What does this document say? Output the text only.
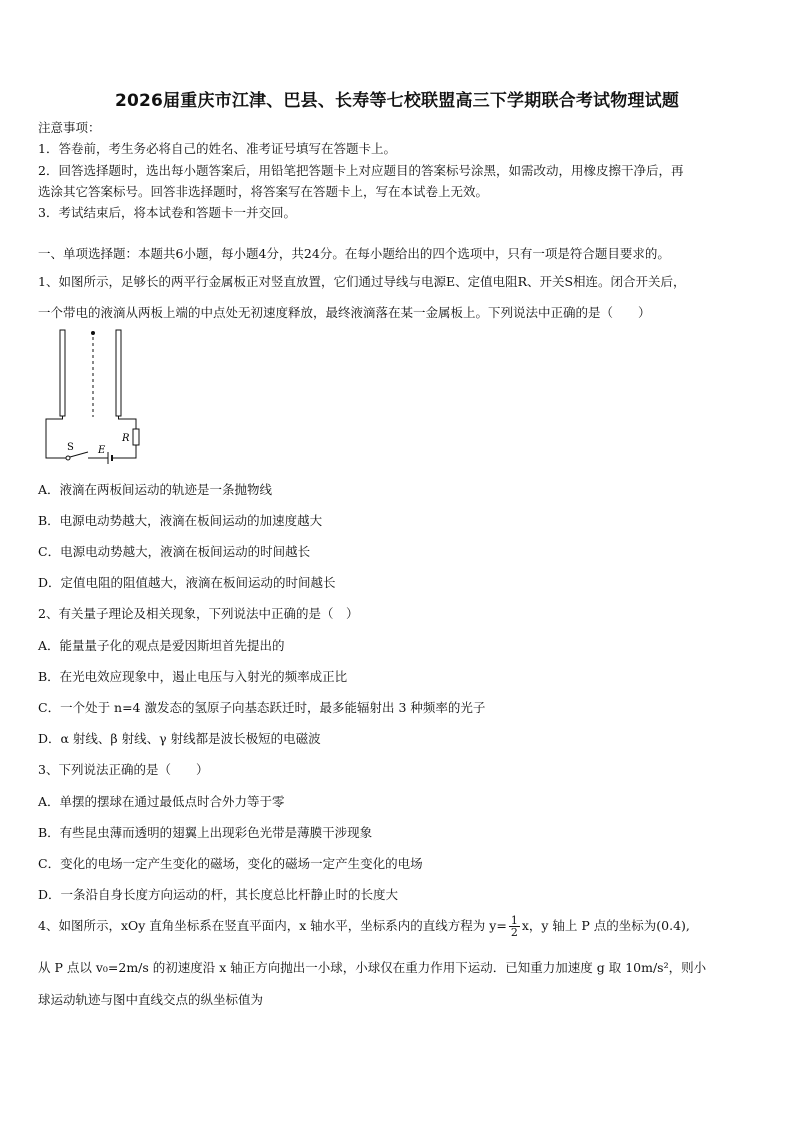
2026届重庆市江津、巴县、长寿等七校联盟高三下学期联合考试物理试题
注意事项：
1．答卷前，考生务必将自己的姓名、准考证号填写在答题卡上。
2．回答选择题时，选出每小题答案后，用铅笔把答题卡上对应题目的答案标号涂黑，如需改动，用橡皮擦干净后，再
选涂其它答案标号。回答非选择题时，将答案写在答题卡上，写在本试卷上无效。
3．考试结束后，将本试卷和答题卡一并交回。
一、单项选择题：本题共6小题，每小题4分，共24分。在每小题给出的四个选项中，只有一项是符合题目要求的。
1、如图所示，足够长的两平行金属板正对竖直放置，它们通过导线与电源E、定值电阻R、开关S相连。闭合开关后，
一个带电的液滴从两板上端的中点处无初速度释放，最终液滴落在某一金属板上。下列说法中正确的是（　　）
S E
R
A．液滴在两板间运动的轨迹是一条抛物线
B．电源电动势越大，液滴在板间运动的加速度越大
C．电源电动势越大，液滴在板间运动的时间越长
D．定值电阻的阻值越大，液滴在板间运动的时间越长
2、有关量子理论及相关现象，下列说法中正确的是（　）
A．能量量子化的观点是爱因斯坦首先提出的
B．在光电效应现象中，遏止电压与入射光的频率成正比
C．一个处于 n=4 激发态的氢原子向基态跃迁时，最多能辐射出 3 种频率的光子
D．α 射线、β 射线、γ 射线都是波长极短的电磁波
3、下列说法正确的是（　　）
A．单摆的摆球在通过最低点时合外力等于零
B．有些昆虫薄而透明的翅翼上出现彩色光带是薄膜干涉现象
C．变化的电场一定产生变化的磁场，变化的磁场一定产生变化的电场
D．一条沿自身长度方向运动的杆，其长度总比杆静止时的长度大
4、如图所示，xOy 直角坐标系在竖直平面内，x 轴水平，坐标系内的直线方程为 $y= \frac{1}{2}$ x，y 轴上 P 点的坐标为(0.4),
从 P 点以 v₀=2m/s 的初速度沿 x 轴正方向抛出一小球，小球仅在重力作用下运动．已知重力加速度 g 取 10m/s²，则小
球运动轨迹与图中直线交点的纵坐标值为
